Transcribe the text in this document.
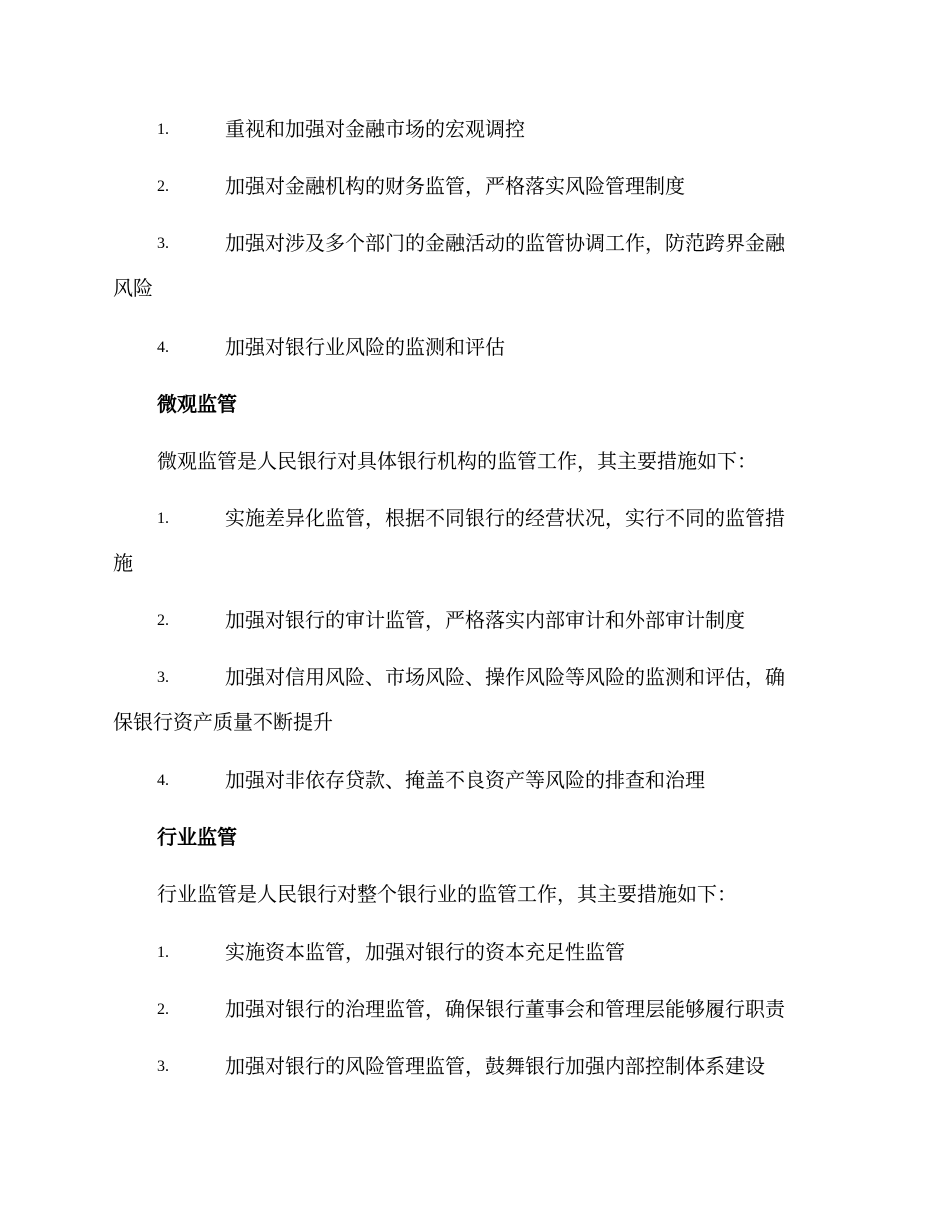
1.	重视和加强对金融市场的宏观调控
2.	加强对金融机构的财务监管，严格落实风险管理制度
3.	加强对涉及多个部门的金融活动的监管协调工作，防范跨界金融
风险
4.	加强对银行业风险的监测和评估
微观监管
微观监管是人民银行对具体银行机构的监管工作，其主要措施如下：
1.	实施差异化监管，根据不同银行的经营状况，实行不同的监管措
施
2.	加强对银行的审计监管，严格落实内部审计和外部审计制度
3.	加强对信用风险、市场风险、操作风险等风险的监测和评估，确
保银行资产质量不断提升
4.	加强对非依存贷款、掩盖不良资产等风险的排查和治理
行业监管
行业监管是人民银行对整个银行业的监管工作，其主要措施如下：
1.	实施资本监管，加强对银行的资本充足性监管
2.	加强对银行的治理监管，确保银行董事会和管理层能够履行职责
3.	加强对银行的风险管理监管，鼓舞银行加强内部控制体系建设
